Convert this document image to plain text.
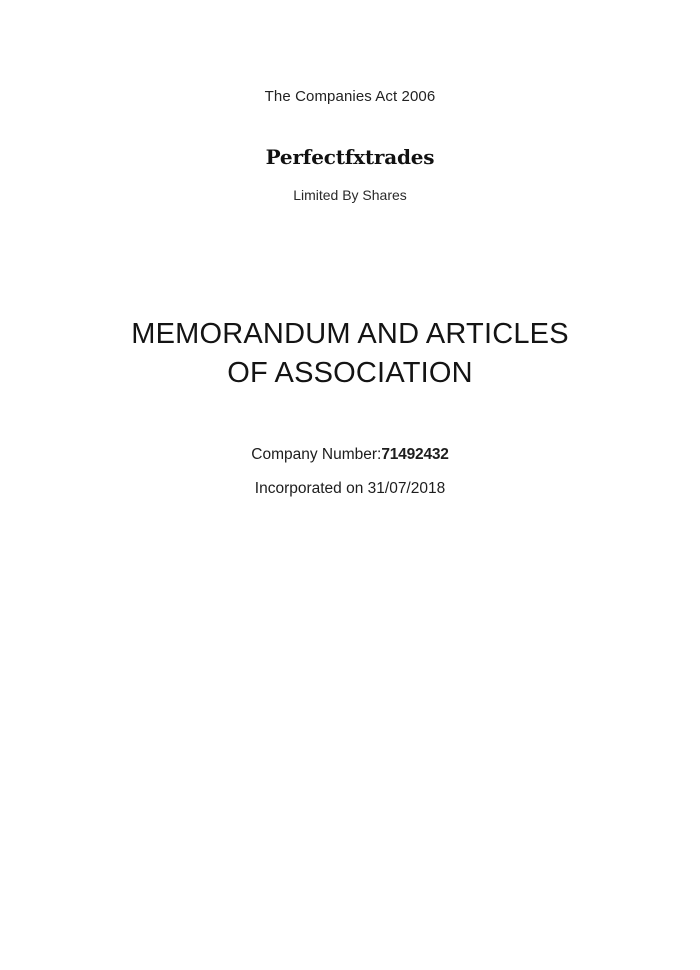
The Companies Act 2006
Perfectfxtrades
Limited By Shares
MEMORANDUM AND ARTICLES
OF ASSOCIATION
Company Number:71492432
Incorporated on 31/07/2018
